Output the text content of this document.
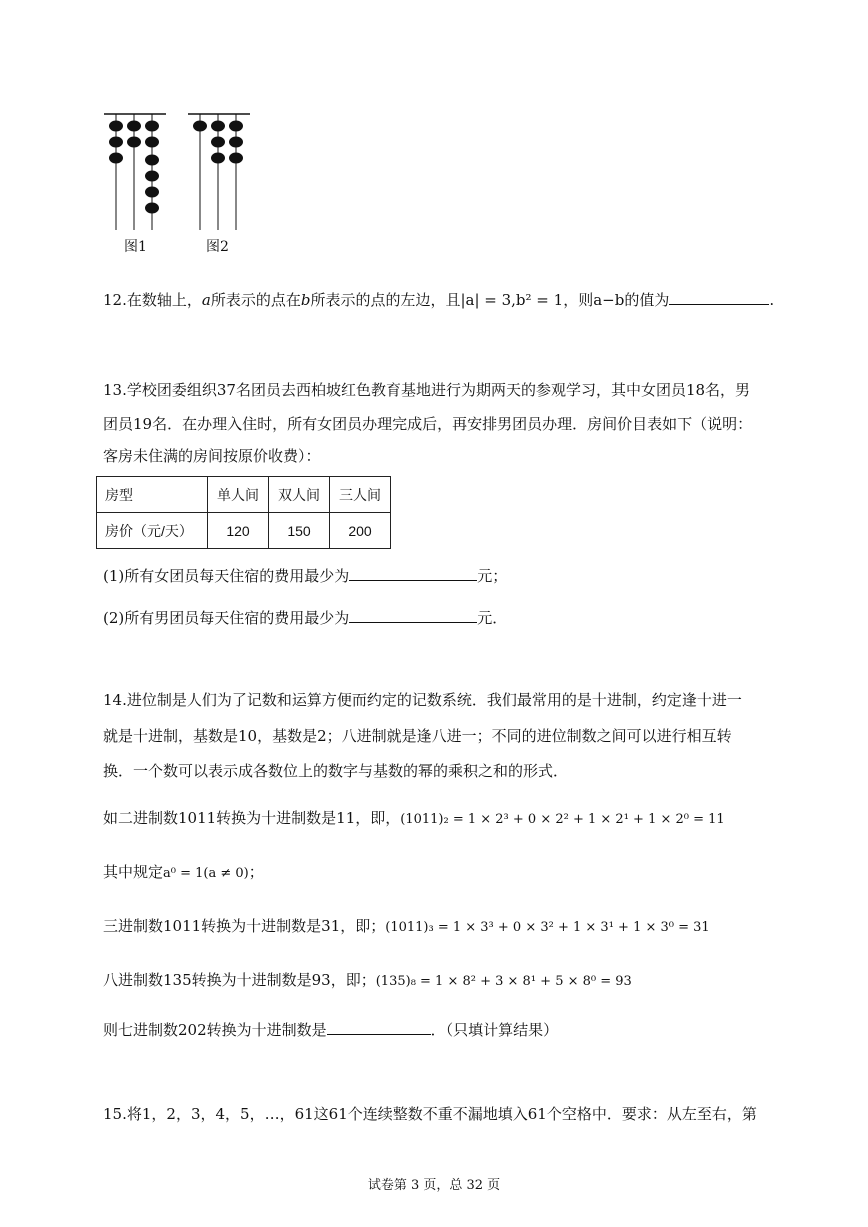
图1	图2
12.在数轴上，a所表示的点在b所表示的点的左边，且|a| = 3,b² = 1，则a−b的值为	.
13.学校团委组织37名团员去西柏坡红色教育基地进行为期两天的参观学习，其中女团员18名，男
团员19名．在办理入住时，所有女团员办理完成后，再安排男团员办理．房间价目表如下（说明：
客房未住满的房间按原价收费）：
房型	单人间	双人间	三人间
房价（元/天）	120	150	200
(1)所有女团员每天住宿的费用最少为	元；
(2)所有男团员每天住宿的费用最少为	元．
14.进位制是人们为了记数和运算方便而约定的记数系统．我们最常用的是十进制，约定逢十进一
就是十进制，基数是10，基数是2；八进制就是逢八进一；不同的进位制数之间可以进行相互转
换．一个数可以表示成各数位上的数字与基数的幂的乘积之和的形式．
如二进制数1011转换为十进制数是11，即，(1011)₂ = 1 × 2³ + 0 × 2² + 1 × 2¹ + 1 × 2⁰ = 11
其中规定a⁰ = 1(a ≠ 0)；
三进制数1011转换为十进制数是31，即；(1011)₃ = 1 × 3³ + 0 × 3² + 1 × 3¹ + 1 × 3⁰ = 31
八进制数135转换为十进制数是93，即；(135)₈ = 1 × 8² + 3 × 8¹ + 5 × 8⁰ = 93
则七进制数202转换为十进制数是	．（只填计算结果）
15.将1，2，3，4，5，…，61这61个连续整数不重不漏地填入61个空格中．要求：从左至右，第
试卷第 3 页，总 32 页
